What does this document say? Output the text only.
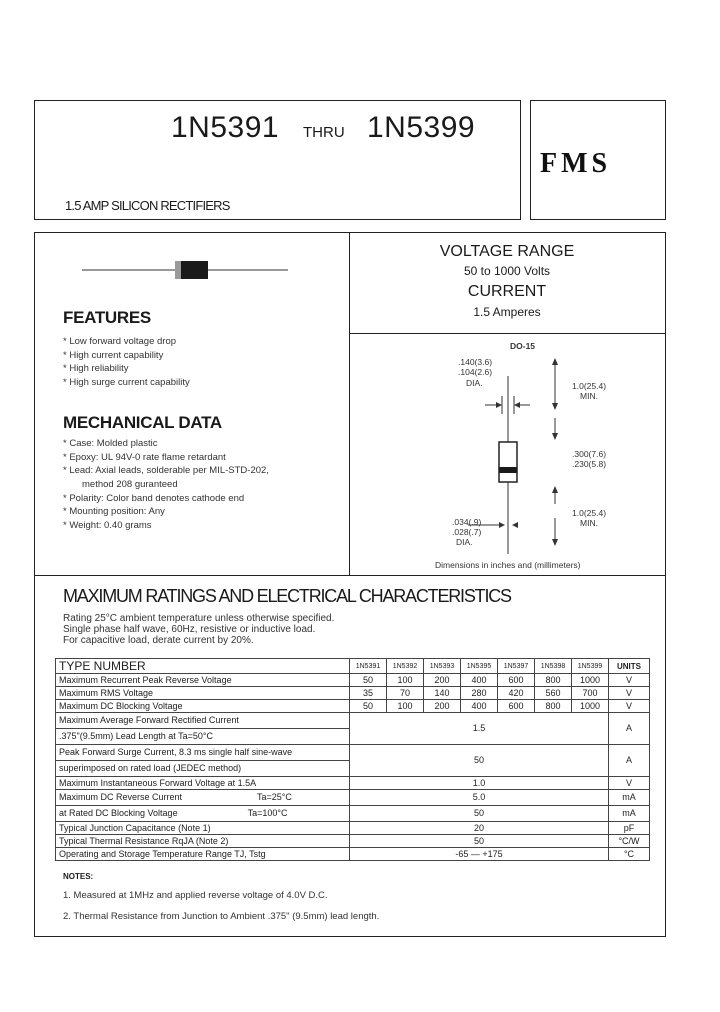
1N5391 THRU 1N5399
1.5 AMP SILICON RECTIFIERS
FMS
VOLTAGE RANGE
50 to 1000 Volts
CURRENT
1.5 Amperes
FEATURES
* Low forward voltage drop
* High current capability
* High reliability
* High surge current capability
MECHANICAL DATA
* Case: Molded plastic
* Epoxy: UL 94V-0 rate flame retardant
* Lead: Axial leads, solderable per MIL-STD-202,
method 208 guranteed
* Polarity: Color band denotes cathode end
* Mounting position: Any
* Weight: 0.40 grams
DO-15
.140(3.6)
.104(2.6)
DIA.	1.0(25.4)
MIN.
.300(7.6)
.230(5.8)
1.0(25.4)
MIN.
.034(.9)
.028(.7)
DIA.
Dimensions in inches and (millimeters)
MAXIMUM RATINGS AND ELECTRICAL CHARACTERISTICS
Rating 25°C ambient temperature unless otherwise specified.
Single phase half wave, 60Hz, resistive or inductive load.
For capacitive load, derate current by 20%.
TYPE NUMBER	1N5391	1N5392	1N5393	1N5395	1N5397	1N5398	1N5399	UNITS
Maximum Recurrent Peak Reverse Voltage	50	100	200	400	600	800	1000	V
Maximum RMS Voltage	35	70	140	280	420	560	700	V
Maximum DC Blocking Voltage	50	100	200	400	600	800	1000	V
Maximum Average Forward Rectified Current	1.5							A
.375"(9.5mm) Lead Length at Ta=50°C								
Peak Forward Surge Current, 8.3 ms single half sine-wave	50							A
superimposed on rated load (JEDEC method)								
Maximum Instantaneous Forward Voltage at 1.5A	1.0							V
Maximum DC Reverse Current Ta=25°C	5.0							mA
at Rated DC Blocking Voltage Ta=100°C	50							mA
Typical Junction Capacitance (Note 1)	20							pF
Typical Thermal Resistance RqJA (Note 2)	50							°C/W
Operating and Storage Temperature Range TJ, Tstg	-65 — +175							°C
NOTES:
1. Measured at 1MHz and applied reverse voltage of 4.0V D.C.
2. Thermal Resistance from Junction to Ambient .375" (9.5mm) lead length.
